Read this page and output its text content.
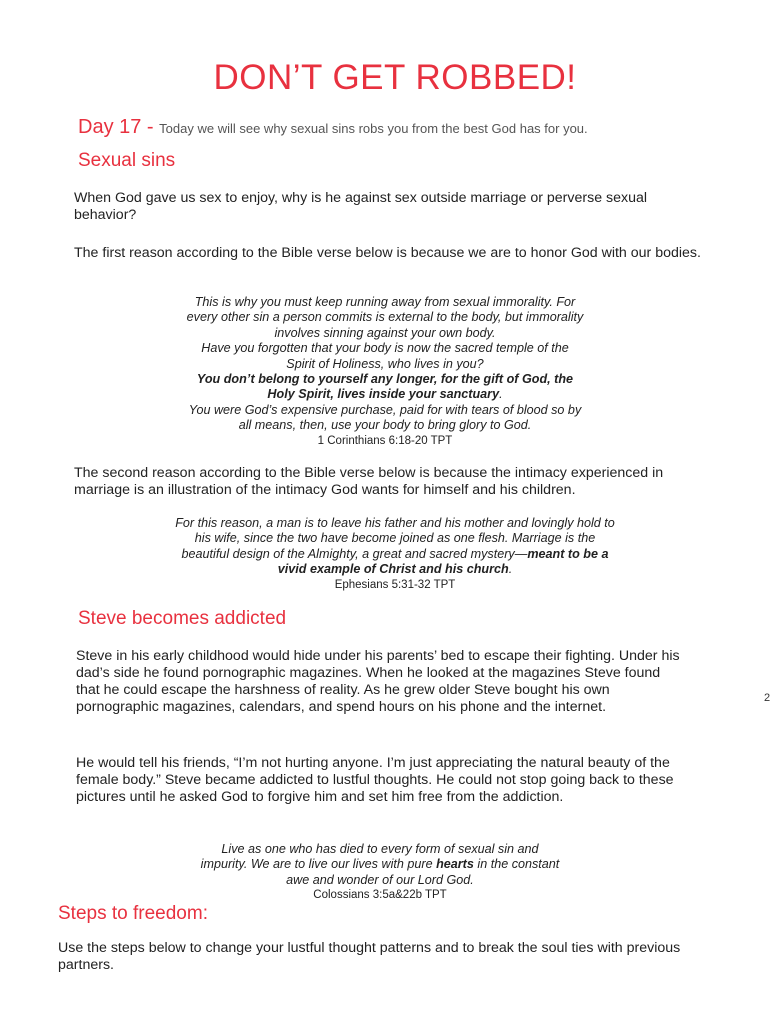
DON’T GET ROBBED!
Day 17 - Today we will see why sexual sins robs you from the best God has for you.
Sexual sins

When God gave us sex to enjoy, why is he against sex outside marriage or perverse sexual behavior?

The first reason according to the Bible verse below is because we are to honor God with our bodies.

This is why you must keep running away from sexual immorality. For
every other sin a person commits is external to the body, but immorality
involves sinning against your own body.
Have you forgotten that your body is now the sacred temple of the
Spirit of Holiness, who lives in you?
You don’t belong to yourself any longer, for the gift of God, the
Holy Spirit, lives inside your sanctuary.
You were God’s expensive purchase, paid for with tears of blood so by
all means, then, use your body to bring glory to God.
1 Corinthians 6:18-20 TPT

The second reason according to the Bible verse below is because the intimacy experienced in marriage is an illustration of the intimacy God wants for himself and his children.

For this reason, a man is to leave his father and his mother and lovingly hold to
his wife, since the two have become joined as one flesh. Marriage is the
beautiful design of the Almighty, a great and sacred mystery—meant to be a
vivid example of Christ and his church.
Ephesians 5:31-32 TPT
Steve becomes addicted

Steve in his early childhood would hide under his parents’ bed to escape their fighting. Under his dad’s side he found pornographic magazines. When he looked at the magazines Steve found that he could escape the harshness of reality. As he grew older Steve bought his own pornographic magazines, calendars, and spend hours on his phone and the internet.

He would tell his friends, “I’m not hurting anyone. I’m just appreciating the natural beauty of the female body.” Steve became addicted to lustful thoughts. He could not stop going back to these pictures until he asked God to forgive him and set him free from the addiction.

Live as one who has died to every form of sexual sin and
impurity. We are to live our lives with pure hearts in the constant
awe and wonder of our Lord God.
Colossians 3:5a&22b TPT
Steps to freedom:

Use the steps below to change your lustful thought patterns and to break the soul ties with previous partners.

2
